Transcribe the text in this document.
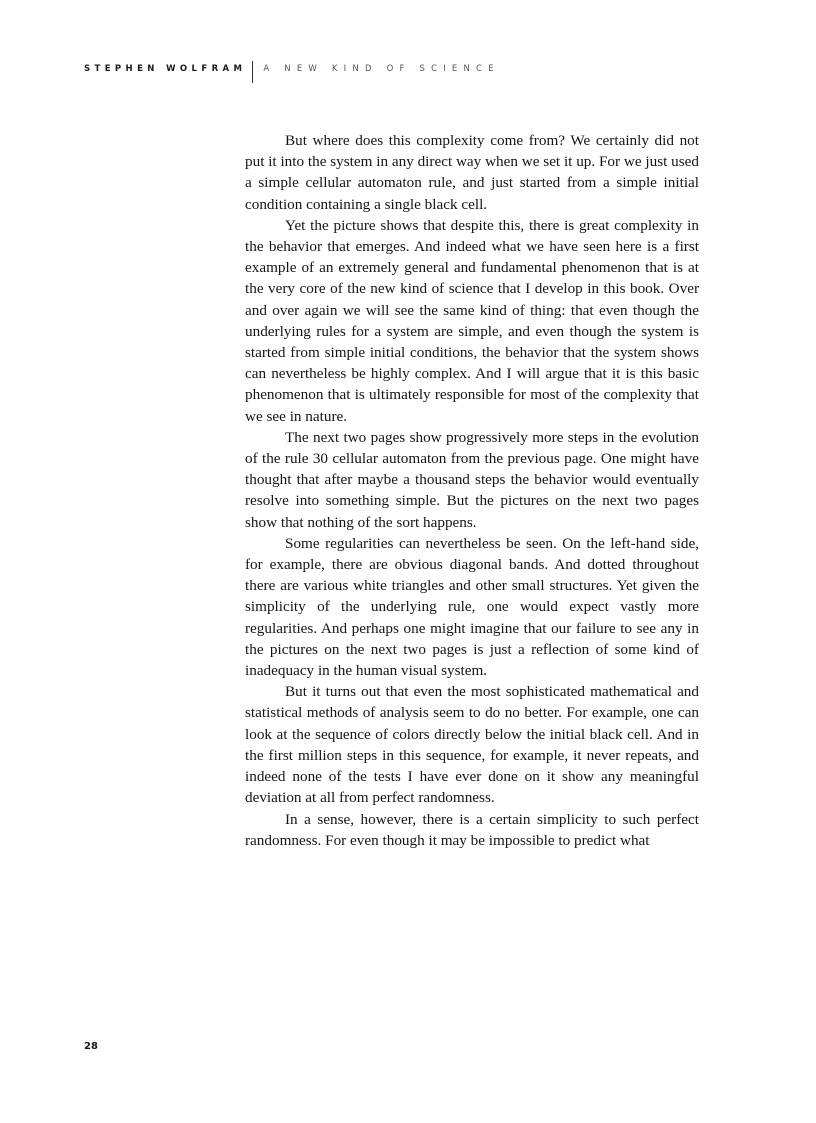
STEPHEN WOLFRAM A NEW KIND OF SCIENCE

But where does this complexity come from? We certainly did not put it into the system in any direct way when we set it up. For we just used a simple cellular automaton rule, and just started from a simple initial condition containing a single black cell.

Yet the picture shows that despite this, there is great complexity in the behavior that emerges. And indeed what we have seen here is a first example of an extremely general and fundamental phenomenon that is at the very core of the new kind of science that I develop in this book. Over and over again we will see the same kind of thing: that even though the underlying rules for a system are simple, and even though the system is started from simple initial conditions, the behavior that the system shows can nevertheless be highly complex. And I will argue that it is this basic phenomenon that is ultimately responsible for most of the complexity that we see in nature.

The next two pages show progressively more steps in the evolution of the rule 30 cellular automaton from the previous page. One might have thought that after maybe a thousand steps the behavior would eventually resolve into something simple. But the pictures on the next two pages show that nothing of the sort happens.

Some regularities can nevertheless be seen. On the left-hand side, for example, there are obvious diagonal bands. And dotted throughout there are various white triangles and other small structures. Yet given the simplicity of the underlying rule, one would expect vastly more regularities. And perhaps one might imagine that our failure to see any in the pictures on the next two pages is just a reflection of some kind of inadequacy in the human visual system.

But it turns out that even the most sophisticated mathematical and statistical methods of analysis seem to do no better. For example, one can look at the sequence of colors directly below the initial black cell. And in the first million steps in this sequence, for example, it never repeats, and indeed none of the tests I have ever done on it show any meaningful deviation at all from perfect randomness.

In a sense, however, there is a certain simplicity to such perfect randomness. For even though it may be impossible to predict what

28
